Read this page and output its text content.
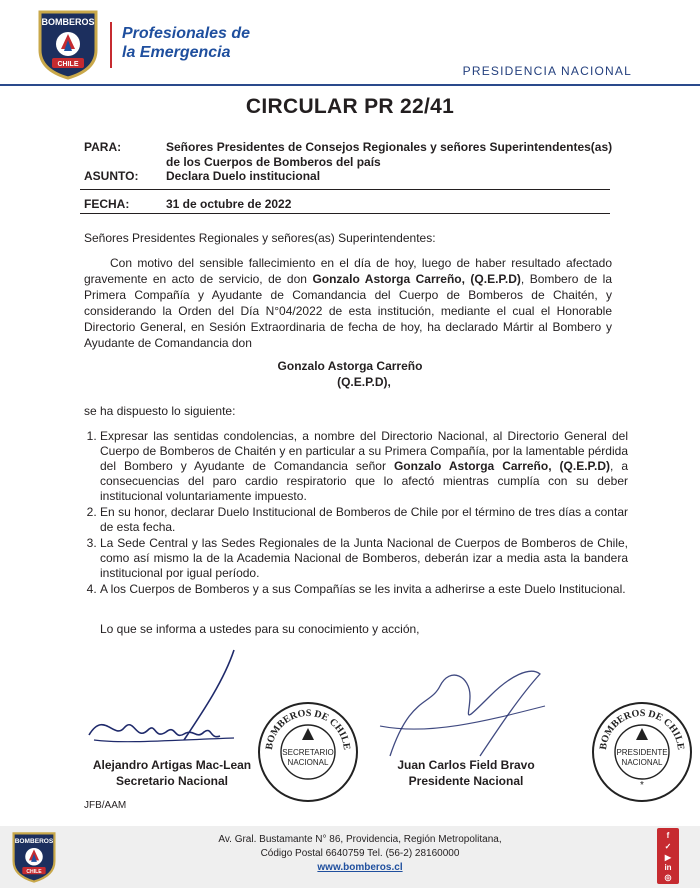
BOMBEROS
CHILE
Profesionales de
la Emergencia
PRESIDENCIA NACIONAL
CIRCULAR PR 22/41
PARA:	Señores Presidentes de Consejos Regionales y señores Superintendentes(as)
de los Cuerpos de Bomberos del país
ASUNTO: Declara Duelo institucional
FECHA:	31 de octubre de 2022
Señores Presidentes Regionales y señores(as) Superintendentes:
Con motivo del sensible fallecimiento en el día de hoy, luego de haber resultado afectado gravemente en acto de servicio, de don Gonzalo Astorga Carreño, (Q.E.P.D), Bombero de la Primera Compañía y Ayudante de Comandancia del Cuerpo de Bomberos de Chaitén, y considerando la Orden del Día N°04/2022 de esta institución, mediante el cual el Honorable Directorio General, en Sesión Extraordinaria de fecha de hoy, ha declarado Mártir al Bombero y Ayudante de Comandancia don
Gonzalo Astorga Carreño
(Q.E.P.D),
se ha dispuesto lo siguiente:
1. Expresar las sentidas condolencias, a nombre del Directorio Nacional, al Directorio General del Cuerpo de Bomberos de Chaitén y en particular a su Primera Compañía, por la lamentable pérdida del Bombero y Ayudante de Comandancia señor Gonzalo Astorga Carreño, (Q.E.P.D), a consecuencias del paro cardio respiratorio que lo afectó mientras cumplía con su deber institucional voluntariamente impuesto.
2. En su honor, declarar Duelo Institucional de Bomberos de Chile por el término de tres días a contar de esta fecha.
3. La Sede Central y las Sedes Regionales de la Junta Nacional de Cuerpos de Bomberos de Chile, como así mismo la de la Academia Nacional de Bomberos, deberán izar a media asta la bandera institucional por igual período.
4. A los Cuerpos de Bomberos y a sus Compañías se les invita a adherirse a este Duelo Institucional.
Lo que se informa a ustedes para su conocimiento y acción,
BOMBEROS DE CHILE
SECRETARIO
NACIONAL
Alejandro Artigas Mac-Lean
Secretario Nacional
Juan Carlos Field Bravo
Presidente Nacional
BOMBEROS DE CHILE
PRESIDENTE
NACIONAL
*
JFB/AAM
BOMBEROS
CHILE
Av. Gral. Bustamante N° 86, Providencia, Región Metropolitana,
Código Postal 6640759 Tel. (56-2) 28160000
www.bomberos.cl
f
✓
▶
in
◎
